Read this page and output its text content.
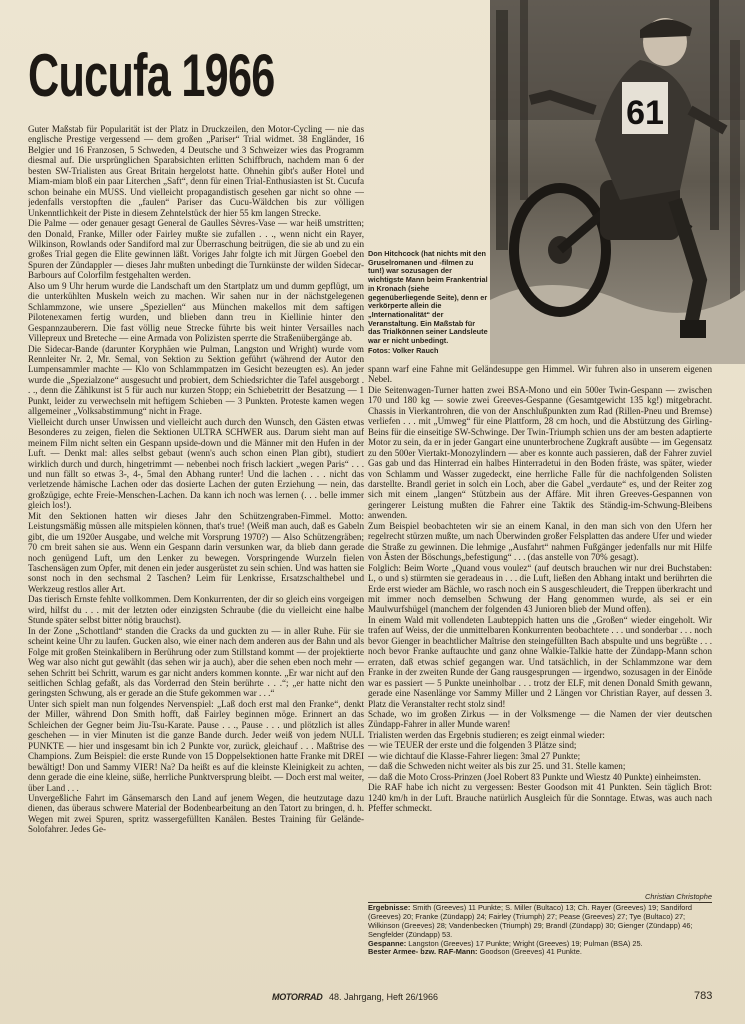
Cucufa 1966
61
Don Hitchcock (hat nichts mit den Gruselromanen und -filmen zu tun!) war sozusagen der wichtigste Mann beim Frankentrial in Kronach (siehe gegenüberliegende Seite), denn er verkörperte allein die „Internationalität“ der Veranstaltung. Ein Maßstab für das Trialkönnen seiner Landsleute war er nicht unbedingt.
Fotos: Volker Rauch

Guter Maßstab für Popularität ist der Platz in Druckzeilen, den Motor-Cycling — nie das englische Prestige vergessend — dem großen „Pariser“ Trial widmet. 38 Engländer, 16 Belgier und 16 Franzosen, 5 Schweden, 4 Deutsche und 3 Schweizer wies das Programm diesmal auf. Die ursprünglichen Sparabsichten erlitten Schiffbruch, nachdem man 6 der besten SW-Trialisten aus Great Britain hergelotst hatte. Ohnehin gibt's außer Hotel und Miam-miam bloß ein paar Literchen „Saft“, denn für einen Trial-Enthusiasten ist St. Cucufa schon beinahe ein MUSS. Und vielleicht propagandistisch gesehen gar nicht so ohne — jedenfalls verstopften die „faulen“ Pariser das Cucu-Wäldchen bis zur völligen Unkenntlichkeit der Piste in diesem Zehntelstück der hier 55 km langen Strecke.

Die Palme — oder genauer gesagt General de Gaulles Sèvres-Vase — war heiß umstritten; den Donald, Franke, Miller oder Fairley mußte sie zufallen . . ., wenn nicht ein Rayer, Wilkinson, Rowlands oder Sandiford mal zur Überraschung beitrügen, die sie ab und zu ein großes Trial gegen die Elite gewinnen läßt. Voriges Jahr folgte ich mit Jürgen Goebel den Spuren der Zündappler — dieses Jahr mußten unbedingt die Turnkünste der wilden Sidecar-Barbours auf Colorfilm festgehalten werden.

Also um 9 Uhr herum wurde die Landschaft um den Startplatz um und dumm gepflügt, um die unterkühlten Muskeln weich zu machen. Wir sahen nur in der nächstgelegenen Schlammzone, wie unsere „Speziellen“ aus München makellos mit dem saftigen Pilotenexamen fertig wurden, und blieben dann treu in Kiellinie hinter den Gespannzauberern. Die fast völlig neue Strecke führte bis weit hinter Versailles nach Villepreux und Breteche — eine Armada von Polizisten sperrte die Straßenübergänge ab.

Die Sidecar-Bande (darunter Koryphäen wie Pulman, Langston und Wright) wurde vom Rennleiter Nr. 2, Mr. Semal, von Sektion zu Sektion geführt (während der Autor den Lumpensammler machte — Klo von Schlammpatzen im Gesicht bezeugten es). An jeder wurde die „Spezialzone“ ausgesucht und probiert, dem Schiedsrichter die Tafel ausgeborgt . . ., denn die Zählkunst ist 5 für auch nur kurzen Stopp; ein Schiebetritt der Besatzung — 1 Punkt, leider zu verwechseln mit heftigem Schieben — 3 Punkten. Proteste kamen wegen allgemeiner „Volksabstimmung“ nicht in Frage.

Vielleicht durch unser Unwissen und vielleicht auch durch den Wunsch, den Gästen etwas Besonderes zu zeigen, fielen die Sektionen ULTRA SCHWER aus. Darum sieht man auf meinem Film nicht selten ein Gespann upside-down und die Männer mit den Hufen in der Luft. — Denkt mal: alles selbst gebaut (wenn's auch schon einen Plan gibt), studiert wirklich durch und durch, hingetrimmt — nebenbei noch frisch lackiert „wegen Paris“ . . . und nun fällt so etwas 3-, 4-, 5mal den Abhang runter! Und die lachen . . . nicht das verletzende hämische Lachen oder das dosierte Lachen der guten Erziehung — nein, das großzügige, echte Freie-Menschen-Lachen. Da kann ich noch was lernen (. . . belle immer gleich los!).

Mit den Sektionen hatten wir dieses Jahr den Schützengraben-Fimmel. Motto: Leistungsmäßig müssen alle mitspielen können, that's true! (Weiß man auch, daß es Gabeln gibt, die um 1920er Ausgabe, und welche mit Vorsprung 1970?) — Also Schützengräben; 70 cm breit sahen sie aus. Wenn ein Gespann darin versunken war, da blieb dann gerade noch genügend Luft, um den Lenker zu bewegen. Vorspringende Wurzeln fielen Taschensägen zum Opfer, mit denen ein jeder ausgerüstet zu sein schien. Und was hatten sie sonst noch in den sechsmal 2 Taschen? Leim für Lenkrisse, Ersatzschalthebel und Werkzeug restlos aller Art.

Das tierisch Ernste fehlte vollkommen. Dem Konkurrenten, der dir so gleich eins vorgeigen wird, hilfst du . . . mit der letzten oder einzigsten Schraube (die du vielleicht eine halbe Stunde später selbst bitter nötig brauchst).

In der Zone „Schottland“ standen die Cracks da und guckten zu — in aller Ruhe. Für sie scheint keine Uhr zu laufen. Gucken also, wie einer nach dem anderen aus der Bahn und als Folge mit großen Steinkalibern in Berührung oder zum Stillstand kommt — der projektierte Weg war also nicht gut gewählt (das sehen wir ja auch), aber die sehen eben noch mehr — sehen Schritt bei Schritt, warum es gar nicht anders kommen konnte. „Er war nicht auf den seitlichen Schlag gefaßt, als das Vorderrad den Stein berührte . . .“; „er hatte nicht den geringsten Schwung, als er gerade an die Stufe gekommen war . . .“

Unter sich spielt man nun folgendes Nervenspiel: „Laß doch erst mal den Franke“, denkt der Miller, während Don Smith hofft, daß Fairley beginnen möge. Erinnert an das Schleichen der Gegner beim Jiu-Tsu-Karate. Pause . . ., Pause . . . und plötzlich ist alles geschehen — in vier Minuten ist die ganze Bande durch. Jeder weiß von jedem NULL PUNKTE — hier und insgesamt bin ich 2 Punkte vor, zurück, gleichauf . . . Maßtrise des Champions. Zum Beispiel: die erste Runde von 15 Doppelsektionen hatte Franke mit DREI bewältigt! Don und Sammy VIER! Na? Da heißt es auf die kleinste Kleinigkeit zu achten, denn gerade die eine kleine, süße, herrliche Punktversprung bleibt. — Doch erst mal weiter, über Land . . .

Unvergeßliche Fahrt im Gänsemarsch den Land auf jenem Wegen, die heutzutage dazu dienen, das überaus schwere Material der Bodenbearbeitung an den Tatort zu bringen, d. h. Wegen mit zwei Spuren, spritz wassergefüllten Kanälen. Bestes Training für Gelände-Solofahrer. Jedes Ge-

spann warf eine Fahne mit Geländesuppe gen Himmel. Wir fuhren also in unserem eigenen Nebel.

Die Seitenwagen-Turner hatten zwei BSA-Mono und ein 500er Twin-Gespann — zwischen 170 und 180 kg — sowie zwei Greeves-Gespanne (Gesamtgewicht 135 kg!) mitgebracht. Chassis in Vierkantrohren, die von der Anschlußpunkten zum Rad (Rillen-Pneu und Bremse) verliefen . . . mit „Umweg“ für eine Plattform, 28 cm hoch, und die Abstützung des Girling-Beins für die einseitige SW-Schwinge. Der Twin-Triumph schien uns der am besten adaptierte Motor zu sein, da er in jeder Gangart eine ununterbrochene Zugkraft ausübte — im Gegensatz zu den 500er Viertakt-Monozylindern — aber es konnte auch passieren, daß der Fahrer zuviel Gas gab und das Hinterrad ein halbes Hinterradetui in den Boden fräste, was später, wieder von Schlamm und Wasser zugedeckt, eine herrliche Falle für die nachfolgenden Solisten darstellte. Brandl geriet in solch ein Loch, aber die Gabel „verdaute“ es, und der Reiter zog sich mit einem „langen“ Stützbein aus der Affäre. Mit ihren Greeves-Gespannen von geringerer Leistung mußten die Fahrer eine Taktik des Ständig-im-Schwung-Bleibens anwenden.

Zum Beispiel beobachteten wir sie an einem Kanal, in den man sich von den Ufern her regelrecht stürzen mußte, um nach Überwinden großer Felsplatten das andere Ufer und wieder die Straße zu gewinnen. Die lehmige „Ausfahrt“ nahmen Fußgänger jedenfalls nur mit Hilfe von Ästen der Böschungs„befestigung“ . . . (das anstelle von 70% gesagt).

Folglich: Beim Worte „Quand vous voulez“ (auf deutsch brauchen wir nur drei Buchstaben: L, o und s) stürmten sie geradeaus in . . . die Luft, ließen den Abhang intakt und berührten die Erde erst wieder am Bächle, wo rasch noch ein S ausgeschleudert, die Treppen überkracht und mit immer noch demselben Schwung der Hang genommen wurde, als sei er ein Maulwurfshügel (manchem der folgenden 43 Junioren blieb der Mund offen).

In einem Wald mit vollendeten Laubteppich hatten uns die „Großen“ wieder eingeholt. Wir trafen auf Weiss, der die unmittelbaren Konkurrenten beobachtete . . . und sonderbar . . . noch bevor Gienger in beachtlicher Maîtrise den steingefüllten Bach abspulte und uns begrüßte . . . noch bevor Franke auftauchte und ganz ohne Walkie-Talkie hatte der Zündapp-Mann schon erraten, daß etwas schief gegangen war. Und tatsächlich, in der Schlammzone war dem Franke in der zweiten Runde der Gang rausgesprungen — irgendwo, sozusagen in der Einöde war es passiert — 5 Punkte uneinholbar . . . trotz der ELF, mit denen Donald Smith gewann, gerade eine Nasenlänge vor Sammy Miller und 2 Längen vor Christian Rayer, auf dessen 3. Platz die Veranstalter recht stolz sind!

Schade, wo im großen Zirkus — in der Volksmenge — die Namen der vier deutschen Zündapp-Fahrer in aller Munde waren!

Trialisten werden das Ergebnis studieren; es zeigt einmal wieder:

— wie TEUER der erste und die folgenden 3 Plätze sind;

— wie dichtauf die Klasse-Fahrer liegen: 3mal 27 Punkte;

— daß die Schweden nicht weiter als bis zur 25. und 31. Stelle kamen;

— daß die Moto Cross-Prinzen (Joel Robert 83 Punkte und Wiestz 40 Punkte) einheimsten.

Die RAF habe ich nicht zu vergessen: Bester Goodson mit 41 Punkten. Sein täglich Brot: 1240 km/h in der Luft. Brauche natürlich Ausgleich für die Sonntage. Etwas, was auch nach Pfeffer schmeckt.

Christian Christophe
Ergebnisse: Smith (Greeves) 11 Punkte; S. Miller (Bultaco) 13; Ch. Rayer (Greeves) 19; Sandiford (Greeves) 20; Franke (Zündapp) 24; Fairley (Triumph) 27; Pease (Greeves) 27; Tye (Bultaco) 27; Wilkinson (Greeves) 28; Vandenbecken (Triumph) 29; Brandl (Zündapp) 30; Gienger (Zündapp) 46; Sengfelder (Zündapp) 53.
Gespanne: Langston (Greeves) 17 Punkte; Wright (Greeves) 19; Pulman (BSA) 25.
Bester Armee- bzw. RAF-Mann: Goodson (Greeves) 41 Punkte.
MOTORRAD 48. Jahrgang, Heft 26/1966	783
